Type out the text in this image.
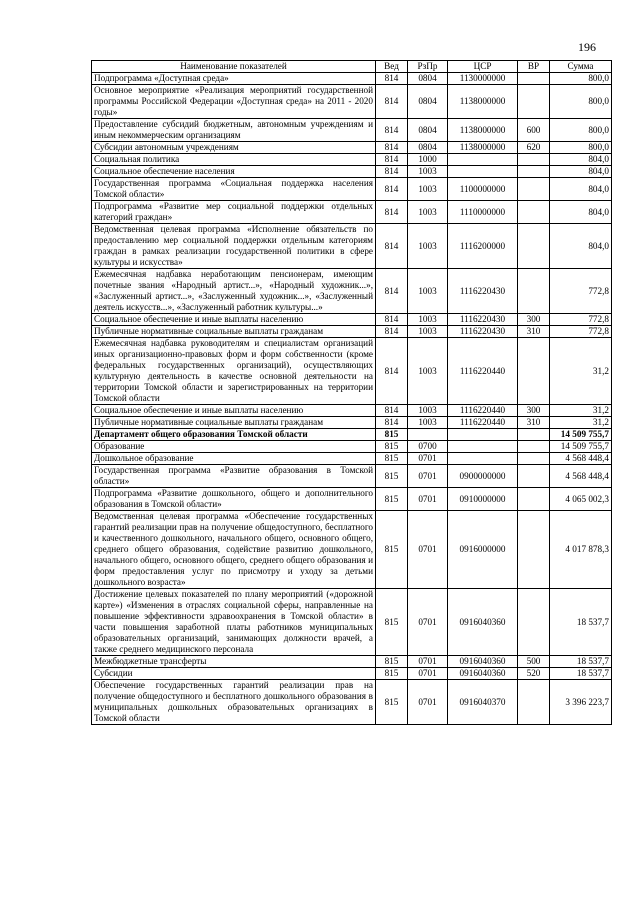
196
Наименование показателей	Вед	РзПр	ЦСР	ВР	Сумма
Подпрограмма «Доступная среда»	814	0804	1130000000		800,0
Основное мероприятие «Реализация мероприятий государственной программы Российской Федерации «Доступная среда» на 2011 - 2020 годы»	814	0804	1138000000		800,0
Предоставление субсидий бюджетным, автономным учреждениям и иным некоммерческим организациям	814	0804	1138000000	600	800,0
Субсидии автономным учреждениям	814	0804	1138000000	620	800,0
Социальная политика	814	1000			804,0
Социальное обеспечение населения	814	1003			804,0
Государственная программа «Социальная поддержка населения Томской области»	814	1003	1100000000		804,0
Подпрограмма «Развитие мер социальной поддержки отдельных категорий граждан»	814	1003	1110000000		804,0
Ведомственная целевая программа «Исполнение обязательств по предоставлению мер социальной поддержки отдельным категориям граждан в рамках реализации государственной политики в сфере культуры и искусства»	814	1003	1116200000		804,0
Ежемесячная надбавка неработающим пенсионерам, имеющим почетные звания «Народный артист...», «Народный художник...», «Заслуженный артист...», «Заслуженный художник...», «Заслуженный деятель искусств...», «Заслуженный работник культуры...»	814	1003	1116220430		772,8
Социальное обеспечение и иные выплаты населению	814	1003	1116220430	300	772,8
Публичные нормативные социальные выплаты гражданам	814	1003	1116220430	310	772,8
Ежемесячная надбавка руководителям и специалистам организаций иных организационно-правовых форм и форм собственности (кроме федеральных государственных организаций), осуществляющих культурную деятельность в качестве основной деятельности на территории Томской области и зарегистрированных на территории Томской области	814	1003	1116220440		31,2
Социальное обеспечение и иные выплаты населению	814	1003	1116220440	300	31,2
Публичные нормативные социальные выплаты гражданам	814	1003	1116220440	310	31,2
Департамент общего образования Томской области	815				14 509 755,7
Образование	815	0700			14 509 755,7
Дошкольное образование	815	0701			4 568 448,4
Государственная программа «Развитие образования в Томской области»	815	0701	0900000000		4 568 448,4
Подпрограмма «Развитие дошкольного, общего и дополнительного образования в Томской области»	815	0701	0910000000		4 065 002,3
Ведомственная целевая программа «Обеспечение государственных гарантий реализации прав на получение общедоступного, бесплатного и качественного дошкольного, начального общего, основного общего, среднего общего образования, содействие развитию дошкольного, начального общего, основного общего, среднего общего образования и форм предоставления услуг по присмотру и уходу за детьми дошкольного возраста»	815	0701	0916000000		4 017 878,3
Достижение целевых показателей по плану мероприятий («дорожной карте») «Изменения в отраслях социальной сферы, направленные на повышение эффективности здравоохранения в Томской области» в части повышения заработной платы работников муниципальных образовательных организаций, занимающих должности врачей, а также среднего медицинского персонала	815	0701	0916040360		18 537,7
Межбюджетные трансферты	815	0701	0916040360	500	18 537,7
Субсидии	815	0701	0916040360	520	18 537,7
Обеспечение государственных гарантий реализации прав на получение общедоступного и бесплатного дошкольного образования в муниципальных дошкольных образовательных организациях в Томской области	815	0701	0916040370		3 396 223,7
